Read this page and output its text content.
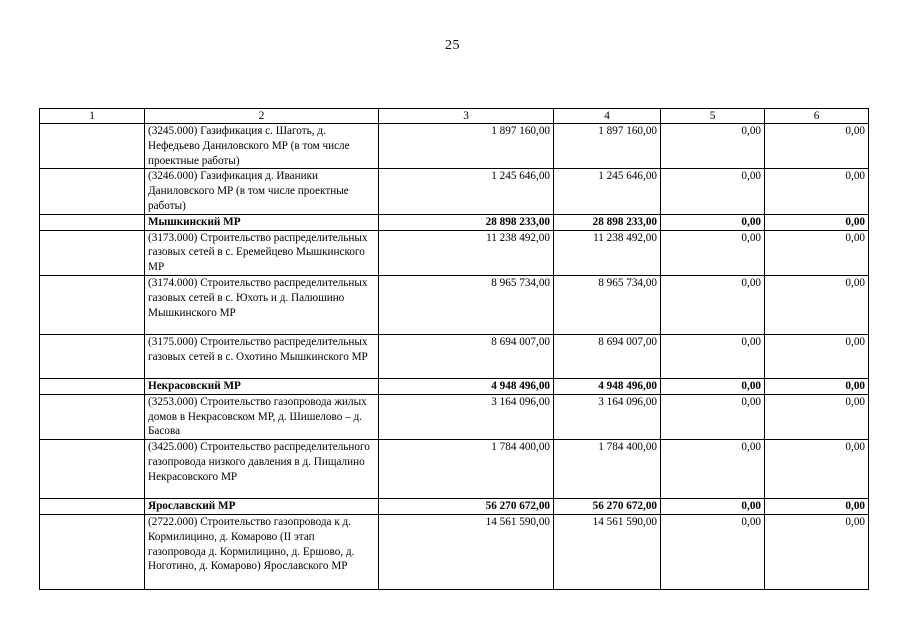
25
1	2	3	4	5	6
	(3245.000) Газификация с. Шаготь, д. Нефедьево Даниловского МР (в том числе проектные работы)	1 897 160,00	1 897 160,00	0,00	0,00
	(3246.000) Газификация д. Иваники Даниловского МР (в том числе проектные работы)	1 245 646,00	1 245 646,00	0,00	0,00
	Мышкинский МР	28 898 233,00	28 898 233,00	0,00	0,00
	(3173.000) Строительство распределительных газовых сетей в с. Еремейцево Мышкинского МР	11 238 492,00	11 238 492,00	0,00	0,00
	(3174.000) Строительство распределительных газовых сетей в с. Юхоть и д. Палюшино Мышкинского МР	8 965 734,00	8 965 734,00	0,00	0,00
	(3175.000) Строительство распределительных газовых сетей в с. Охотино Мышкинского МР	8 694 007,00	8 694 007,00	0,00	0,00
	Некрасовский МР	4 948 496,00	4 948 496,00	0,00	0,00
	(3253.000) Строительство газопровода жилых домов в Некрасовском МР, д. Шишелово – д. Басова	3 164 096,00	3 164 096,00	0,00	0,00
	(3425.000) Строительство распределительного газопровода низкого давления в д. Пищалино Некрасовского МР	1 784 400,00	1 784 400,00	0,00	0,00
	Ярославский МР	56 270 672,00	56 270 672,00	0,00	0,00
	(2722.000) Строительство газопровода к д. Кормилицино, д. Комарово (II этап газопровода д. Кормилицино, д. Ершово, д. Ноготино, д. Комарово) Ярославского МР	14 561 590,00	14 561 590,00	0,00	0,00
